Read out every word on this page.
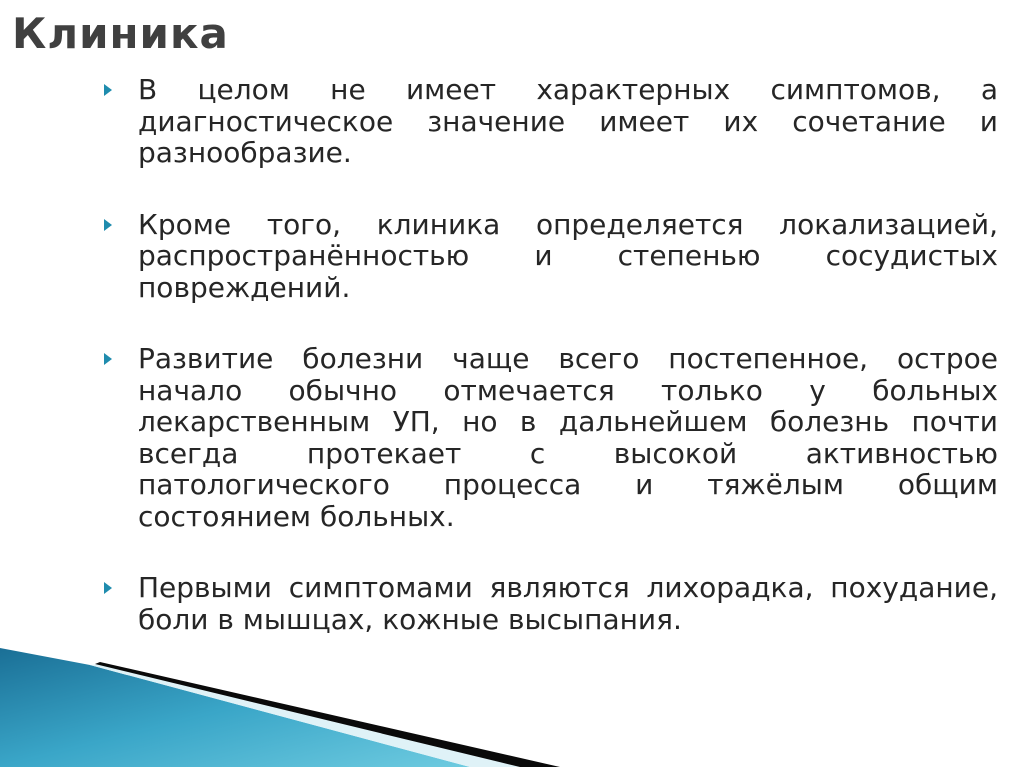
Клиника
В целом не имеет характерных симптомов, а диагностическое значение имеет их сочетание и разнообразие.
Кроме того, клиника определяется локализацией, распространённостью и степенью сосудистых повреждений.
Развитие болезни чаще всего постепенное, острое начало обычно отмечается только у больных лекарственным УП, но в дальнейшем болезнь почти всегда протекает с высокой активностью патологического процесса и тяжёлым общим состоянием больных.
Первыми симптомами являются лихорадка, похудание, боли в мышцах, кожные высыпания.
